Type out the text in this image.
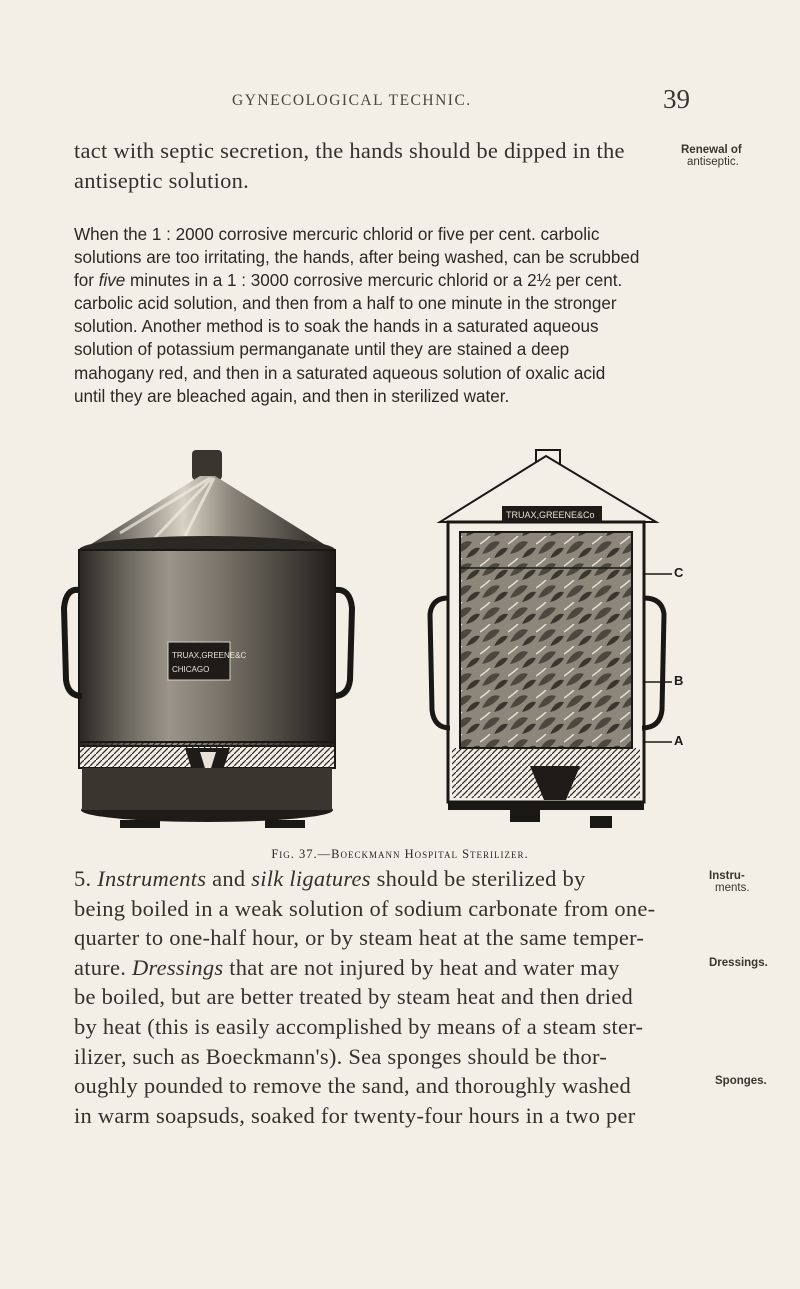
GYNECOLOGICAL TECHNIC.	39
tact with septic secretion, the hands should be dipped in the
antiseptic solution.
Renewal of
antiseptic.
When the 1 : 2000 corrosive mercuric chlorid or five per cent. carbolic
solutions are too irritating, the hands, after being washed, can be scrubbed
for five minutes in a 1 : 3000 corrosive mercuric chlorid or a 2½ per cent.
carbolic acid solution, and then from a half to one minute in the stronger
solution. Another method is to soak the hands in a saturated aqueous
solution of potassium permanganate until they are stained a deep
mahogany red, and then in a saturated aqueous solution of oxalic acid
until they are bleached again, and then in sterilized water.
TRUAX,GREENE&C
CHICAGO
TRUAX,GREENE&Co
C
B
A
Fig. 37.—Boeckmann Hospital Sterilizer.
5. Instruments and silk ligatures should be sterilized by
being boiled in a weak solution of sodium carbonate from one-
quarter to one-half hour, or by steam heat at the same temper-
ature. Dressings that are not injured by heat and water may
be boiled, but are better treated by steam heat and then dried
by heat (this is easily accomplished by means of a steam ster-
ilizer, such as Boeckmann's). Sea sponges should be thor-
oughly pounded to remove the sand, and thoroughly washed
in warm soapsuds, soaked for twenty-four hours in a two per
Instru-
ments.
Dressings.
Sponges.
